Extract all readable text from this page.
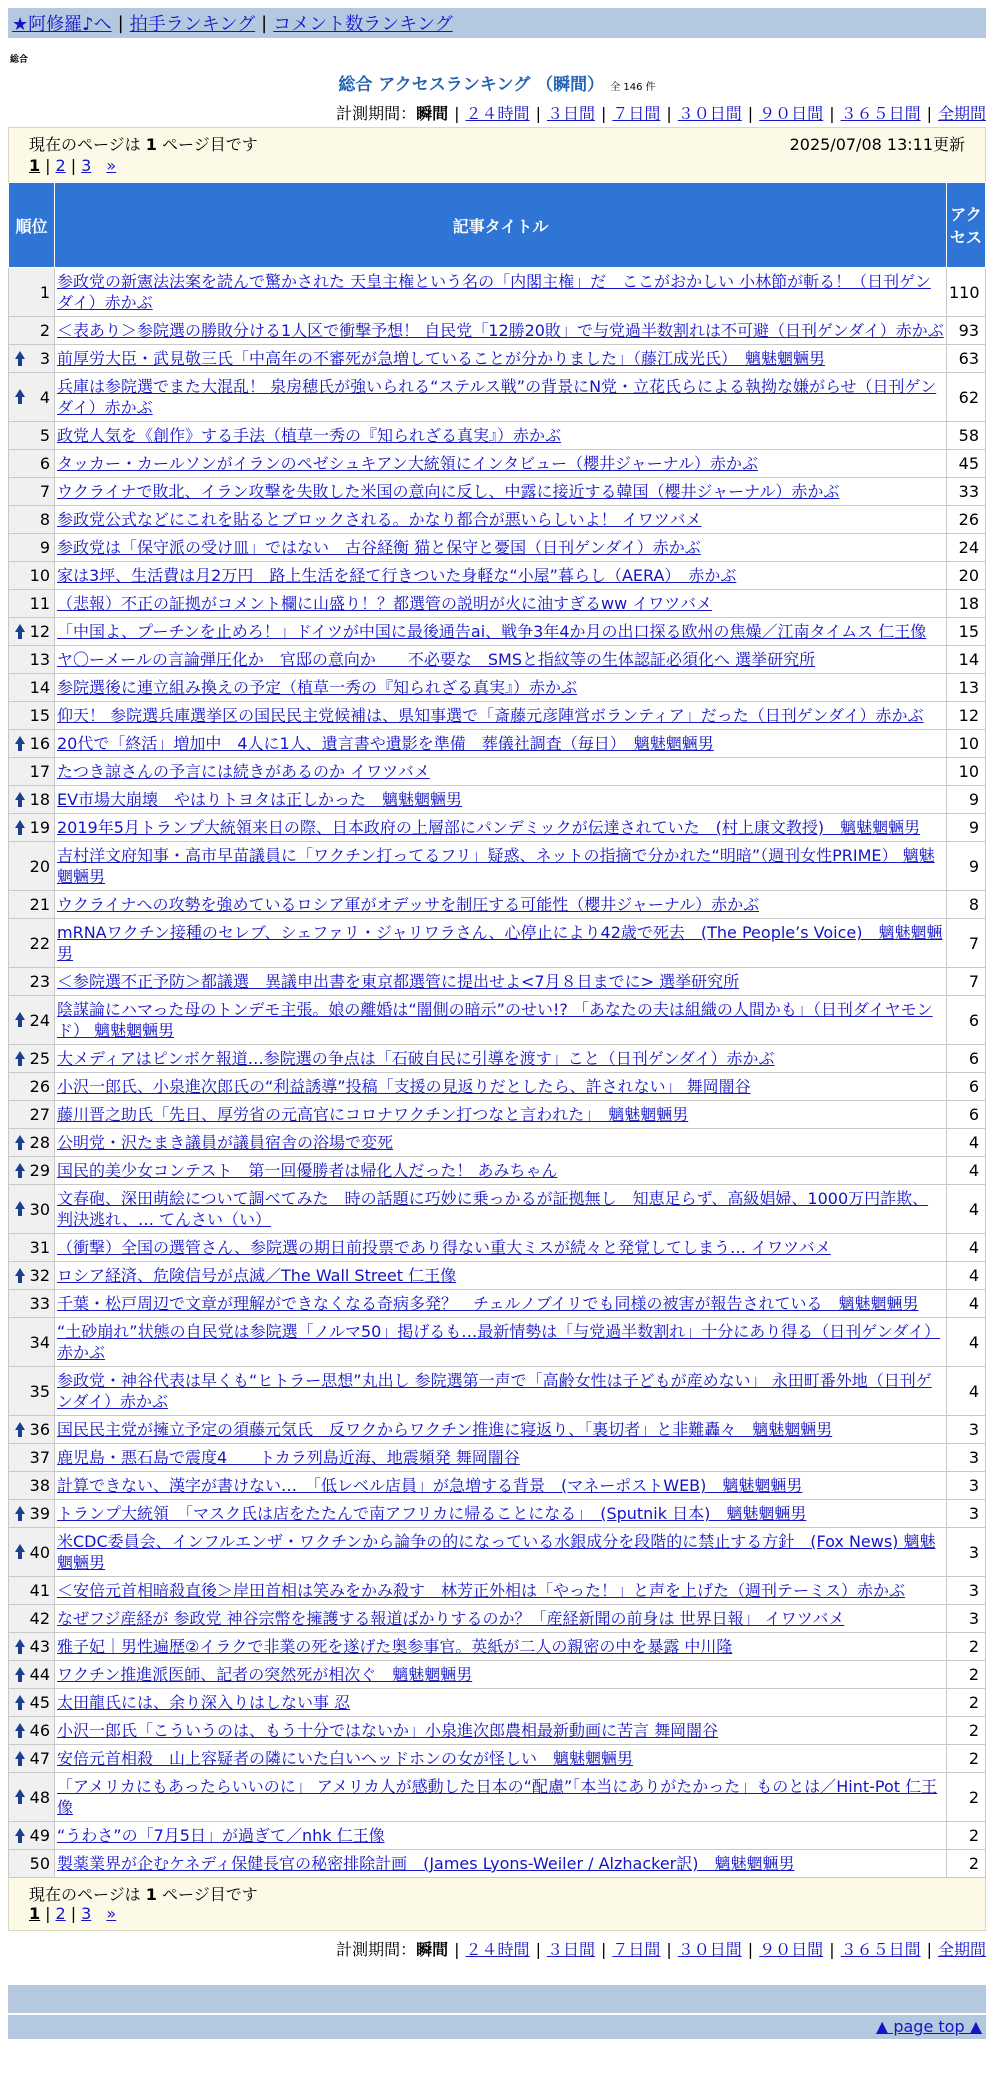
★阿修羅♪へ | 拍手ランキング | コメント数ランキング
総合
総合 アクセスランキング （瞬間） 全 146 件
計測期間：瞬間 | ２４時間 | ３日間 | ７日間 | ３０日間 | ９０日間 | ３６５日間 | 全期間
現在のページは 1 ページ目です	2025/07/08 13:11更新
1 | 2 | 3 »
順位	記事タイトル	アクセス
1	参政党の新憲法法案を読んで驚かされた 天皇主権という名の「内閣主権」だ　ここがおかしい 小林節が斬る！（日刊ゲンダイ）赤かぶ	110
2	＜表あり＞参院選の勝敗分ける1人区で衝撃予想！ 自民党「12勝20敗」で与党過半数割れは不可避（日刊ゲンダイ）赤かぶ	93

3	前厚労大臣・武見敬三氏「中高年の不審死が急増していることが分かりました」（藤江成光氏）　魑魅魍魎男	63

4	兵庫は参院選でまた大混乱！ 泉房穂氏が強いられる“ステルス戦”の背景にN党・立花氏らによる執拗な嫌がらせ（日刊ゲンダイ）赤かぶ	62
5	政党人気を《創作》する手法（植草一秀の『知られざる真実』）赤かぶ	58
6	タッカー・カールソンがイランのペゼシュキアン大統領にインタビュー（櫻井ジャーナル）赤かぶ	45
7	ウクライナで敗北、イラン攻撃を失敗した米国の意向に反し、中露に接近する韓国（櫻井ジャーナル）赤かぶ	33
8	参政党公式などにこれを貼るとブロックされる。かなり都合が悪いらしいよ！ イワツバメ	26
9	参政党は「保守派の受け皿」ではない　古谷経衡 猫と保守と憂国（日刊ゲンダイ）赤かぶ	24
10	家は3坪、生活費は月2万円　路上生活を経て行きついた身軽な“小屋”暮らし（AERA）　赤かぶ	20
11	（悲報）不正の証拠がコメント欄に山盛り！？都選管の説明が火に油すぎるww イワツバメ	18

12	「中国よ、プーチンを止めろ！」ドイツが中国に最後通告ai、戦争3年4か月の出口探る欧州の焦燥／江南タイムス 仁王像	15
13	ヤ〇ーメールの言論弾圧化か　官邸の意向か　　不必要な　SMSと指紋等の生体認証必須化へ 選挙研究所	14
14	参院選後に連立組み換えの予定（植草一秀の『知られざる真実』）赤かぶ	13
15	仰天！ 参院選兵庫選挙区の国民民主党候補は、県知事選で「斎藤元彦陣営ボランティア」だった（日刊ゲンダイ）赤かぶ	12

16	20代で「終活」増加中　4人に1人、遺言書や遺影を準備　葬儀社調査（毎日）　魑魅魍魎男	10
17	たつき諒さんの予言には続きがあるのか イワツバメ	10

18	EV市場大崩壊　やはりトヨタは正しかった　魑魅魍魎男	9

19	2019年5月トランプ大統領来日の際、日本政府の上層部にパンデミックが伝達されていた　(村上康文教授)　魑魅魍魎男	9
20	吉村洋文府知事・高市早苗議員に「ワクチン打ってるフリ」疑惑、ネットの指摘で分かれた“明暗”（週刊女性PRIME） 魑魅魍魎男	9
21	ウクライナへの攻勢を強めているロシア軍がオデッサを制圧する可能性（櫻井ジャーナル）赤かぶ	8
22	mRNAワクチン接種のセレブ、シェファリ・ジャリワラさん、心停止により42歳で死去　(The People’s Voice)　魑魅魍魎男	7
23	＜参院選不正予防＞都議選　異議申出書を東京都選管に提出せよ<7月８日までに> 選挙研究所	7

24	陰謀論にハマった母のトンデモ主張。娘の離婚は“闇側の暗示”のせい!? 「あなたの夫は組織の人間かも」（日刊ダイヤモンド） 魑魅魍魎男	6

25	大メディアはピンボケ報道…参院選の争点は「石破自民に引導を渡す」こと（日刊ゲンダイ）赤かぶ	6
26	小沢一郎氏、小泉進次郎氏の“利益誘導”投稿「支援の見返りだとしたら、許されない」 舞岡闇谷	6
27	藤川晋之助氏「先日、厚労省の元高官にコロナワクチン打つなと言われた」　魑魅魍魎男	6

28	公明党・沢たまき議員が議員宿舎の浴場で変死	4

29	国民的美少女コンテスト　第一回優勝者は帰化人だった！ あみちゃん	4

30	文春砲、深田萌絵について調べてみた　時の話題に巧妙に乗っかるが証拠無し　知恵足らず、高級娼婦、1000万円詐欺、判決逃れ、… てんさい（い）	4
31	（衝撃）全国の選管さん、参院選の期日前投票であり得ない重大ミスが続々と発覚してしまう… イワツバメ	4

32	ロシア経済、危険信号が点滅／The Wall Street 仁王像	4
33	千葉・松戸周辺で文章が理解ができなくなる奇病多発？　チェルノブイリでも同様の被害が報告されている　魑魅魍魎男	4
34	“土砂崩れ”状態の自民党は参院選「ノルマ50」掲げるも…最新情勢は「与党過半数割れ」十分にあり得る（日刊ゲンダイ）赤かぶ	4
35	参政党・神谷代表は早くも“ヒトラー思想”丸出し 参院選第一声で「高齢女性は子どもが産めない」 永田町番外地（日刊ゲンダイ）赤かぶ	4

36	国民民主党が擁立予定の須藤元気氏　反ワクからワクチン推進に寝返り、「裏切者」と非難轟々　魑魅魍魎男	3
37	鹿児島・悪石島で震度4　　トカラ列島近海、地震頻発 舞岡闇谷	3
38	計算できない、漢字が書けない…　「低レベル店員」が急増する背景　(マネーポストWEB)　魑魅魍魎男	3

39	トランプ大統領　「マスク氏は店をたたんで南アフリカに帰ることになる」　(Sputnik 日本)　魑魅魍魎男	3

40	米CDC委員会、インフルエンザ・ワクチンから論争の的になっている水銀成分を段階的に禁止する方針　(Fox News) 魑魅魍魎男	3
41	＜安倍元首相暗殺直後＞岸田首相は笑みをかみ殺す　林芳正外相は「やった！」と声を上げた（週刊テーミス）赤かぶ	3
42	なぜフジ産経が 参政党 神谷宗幣を擁護する報道ばかりするのか？「産経新聞の前身は 世界日報」 イワツバメ	3

43	雅子妃｜男性遍歴②イラクで非業の死を遂げた奥参事官。英紙が二人の親密の中を暴露 中川隆	2

44	ワクチン推進派医師、記者の突然死が相次ぐ　魑魅魍魎男	2

45	太田龍氏には、余り深入りはしない事 忍	2

46	小沢一郎氏「こういうのは、もう十分ではないか」小泉進次郎農相最新動画に苦言 舞岡闇谷	2

47	安倍元首相殺　山上容疑者の隣にいた白いヘッドホンの女が怪しい　魑魅魍魎男	2

48	「アメリカにもあったらいいのに」 アメリカ人が感動した日本の“配慮”「本当にありがたかった」ものとは／Hint-Pot 仁王像	2

49	“うわさ”の「7月5日」が過ぎて／nhk 仁王像	2
50	製薬業界が企むケネディ保健長官の秘密排除計画　(James Lyons-Weiler / Alzhacker訳)　魑魅魍魎男	2
現在のページは 1 ページ目です
1 | 2 | 3 »
計測期間：瞬間 | ２４時間 | ３日間 | ７日間 | ３０日間 | ９０日間 | ３６５日間 | 全期間
▲ page top ▲
